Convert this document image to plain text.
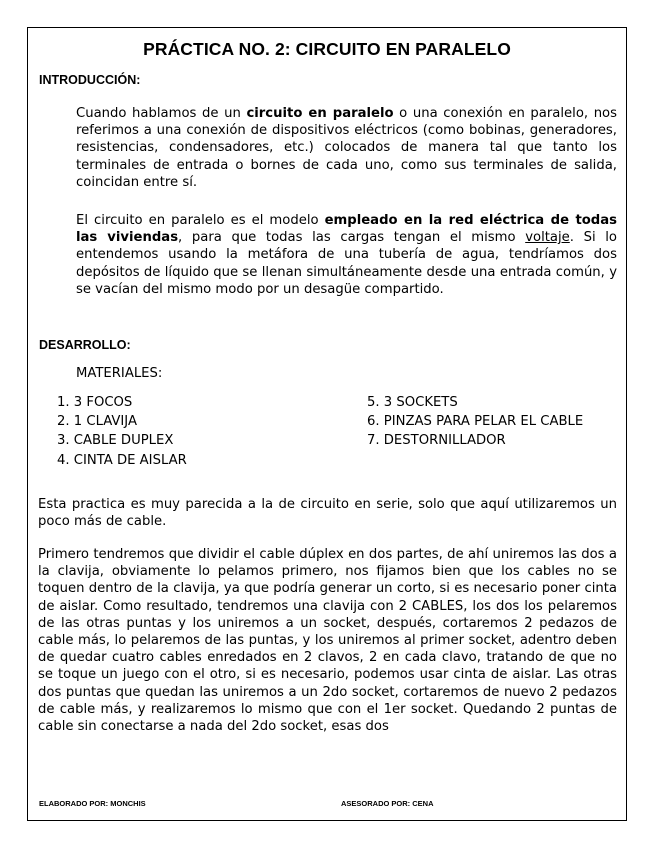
PRÁCTICA NO. 2: CIRCUITO EN PARALELO
INTRODUCCIÓN:

Cuando hablamos de un circuito en paralelo o una conexión en paralelo, nos referimos a una conexión de dispositivos eléctricos (como bobinas, generadores, resistencias, condensadores, etc.) colocados de manera tal que tanto los terminales de entrada o bornes de cada uno, como sus terminales de salida, coincidan entre sí.

El circuito en paralelo es el modelo empleado en la red eléctrica de todas las viviendas, para que todas las cargas tengan el mismo voltaje. Si lo entendemos usando la metáfora de una tubería de agua, tendríamos dos depósitos de líquido que se llenan simultáneamente desde una entrada común, y se vacían del mismo modo por un desagüe compartido.

DESARROLLO:
MATERIALES:
1. 3 FOCOS
2. 1 CLAVIJA
3. CABLE DUPLEX
4. CINTA DE AISLAR
5. 3 SOCKETS
6. PINZAS PARA PELAR EL CABLE
7. DESTORNILLADOR

Esta practica es muy parecida a la de circuito en serie, solo que aquí utilizaremos un poco más de cable.

Primero tendremos que dividir el cable dúplex en dos partes, de ahí uniremos las dos a la clavija, obviamente lo pelamos primero, nos fijamos bien que los cables no se toquen dentro de la clavija, ya que podría generar un corto, si es necesario poner cinta de aislar. Como resultado, tendremos una clavija con 2 CABLES, los dos los pelaremos de las otras puntas y los uniremos a un socket, después, cortaremos 2 pedazos de cable más, lo pelaremos de las puntas, y los uniremos al primer socket, adentro deben de quedar cuatro cables enredados en 2 clavos, 2 en cada clavo, tratando de que no se toque un juego con el otro, si es necesario, podemos usar cinta de aislar. Las otras dos puntas que quedan las uniremos a un 2do socket, cortaremos de nuevo 2 pedazos de cable más, y realizaremos lo mismo que con el 1er socket. Quedando 2 puntas de cable sin conectarse a nada del 2do socket, esas dos

ELABORADO POR: MONCHIS	ASESORADO POR: CENA
